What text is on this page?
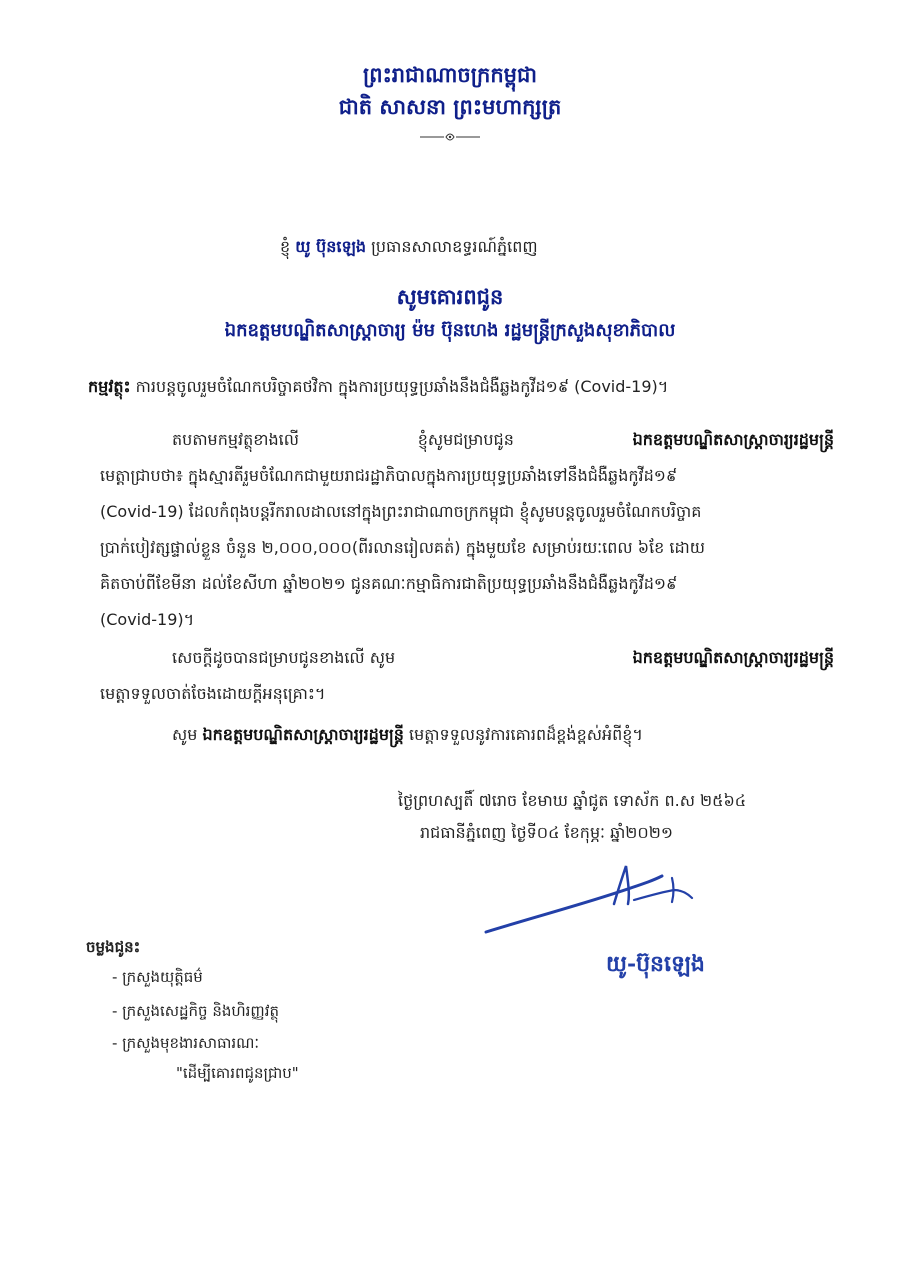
ព្រះរាជាណាចក្រកម្ពុជា
ជាតិ សាសនា ព្រះមហាក្សត្រ
ខ្ញុំ យូ ប៊ុនឡេង ប្រធានសាលាឧទ្ធរណ៍ភ្នំពេញ
សូមគោរពជូន
ឯកឧត្តមបណ្ឌិតសាស្ត្រាចារ្យ ម៉ម ប៊ុនហេង រដ្ឋមន្ត្រីក្រសួងសុខាភិបាល
កម្មវត្ថុះ ការបន្តចូលរួមចំណែកបរិច្ចាគថវិកា ក្នុងការប្រយុទ្ធប្រឆាំងនឹងជំងឺឆ្លងកូវីដ១៩ (Covid-19)។
តបតាមកម្មវត្ថុខាងលើ	ខ្ញុំសូមជម្រាបជូន	ឯកឧត្តមបណ្ឌិតសាស្ត្រាចារ្យរដ្ឋមន្ត្រី
មេត្តាជ្រាបថា៖ ក្នុងស្មារតីរួមចំណែកជាមួយរាជរដ្ឋាភិបាលក្នុងការប្រយុទ្ធប្រឆាំងទៅនឹងជំងឺឆ្លងកូវីដ១៩
(Covid-19) ដែលកំពុងបន្តរីករាលដាលនៅក្នុងព្រះរាជាណាចក្រកម្ពុជា ខ្ញុំសូមបន្តចូលរួមចំណែកបរិច្ចាគ
ប្រាក់បៀវត្សផ្ទាល់ខ្លួន ចំនួន ២,០០០,០០០(ពីរលានរៀលគត់) ក្នុងមួយខែ សម្រាប់រយៈពេល ៦ខែ ដោយ
គិតចាប់ពីខែមីនា ដល់ខែសីហា ឆ្នាំ២០២១ ជូនគណៈកម្មាធិការជាតិប្រយុទ្ធប្រឆាំងនឹងជំងឺឆ្លងកូវីដ១៩
(Covid-19)។
សេចក្តីដូចបានជម្រាបជូនខាងលើ សូម	ឯកឧត្តមបណ្ឌិតសាស្ត្រាចារ្យរដ្ឋមន្ត្រី
មេត្តាទទួលចាត់ចែងដោយក្តីអនុគ្រោះ។
សូម ឯកឧត្តមបណ្ឌិតសាស្ត្រាចារ្យរដ្ឋមន្ត្រី មេត្តាទទួលនូវការគោរពដ៏ខ្ពង់ខ្ពស់អំពីខ្ញុំ។
ថ្ងៃព្រហស្បតិ៍ ៧រោច ខែមាឃ ឆ្នាំជូត ទោស័ក ព.ស ២៥៦៤
រាជធានីភ្នំពេញ ថ្ងៃទី០៤ ខែកុម្ភៈ ឆ្នាំ២០២១
យូ-ប៊ុនឡេង
ចម្លងជូនះ
- ក្រសួងយុត្តិធម៌
- ក្រសួងសេដ្ឋកិច្ច និងហិរញ្ញវត្ថុ
- ក្រសួងមុខងារសាធារណៈ
"ដើម្បីគោរពជូនជ្រាប"
